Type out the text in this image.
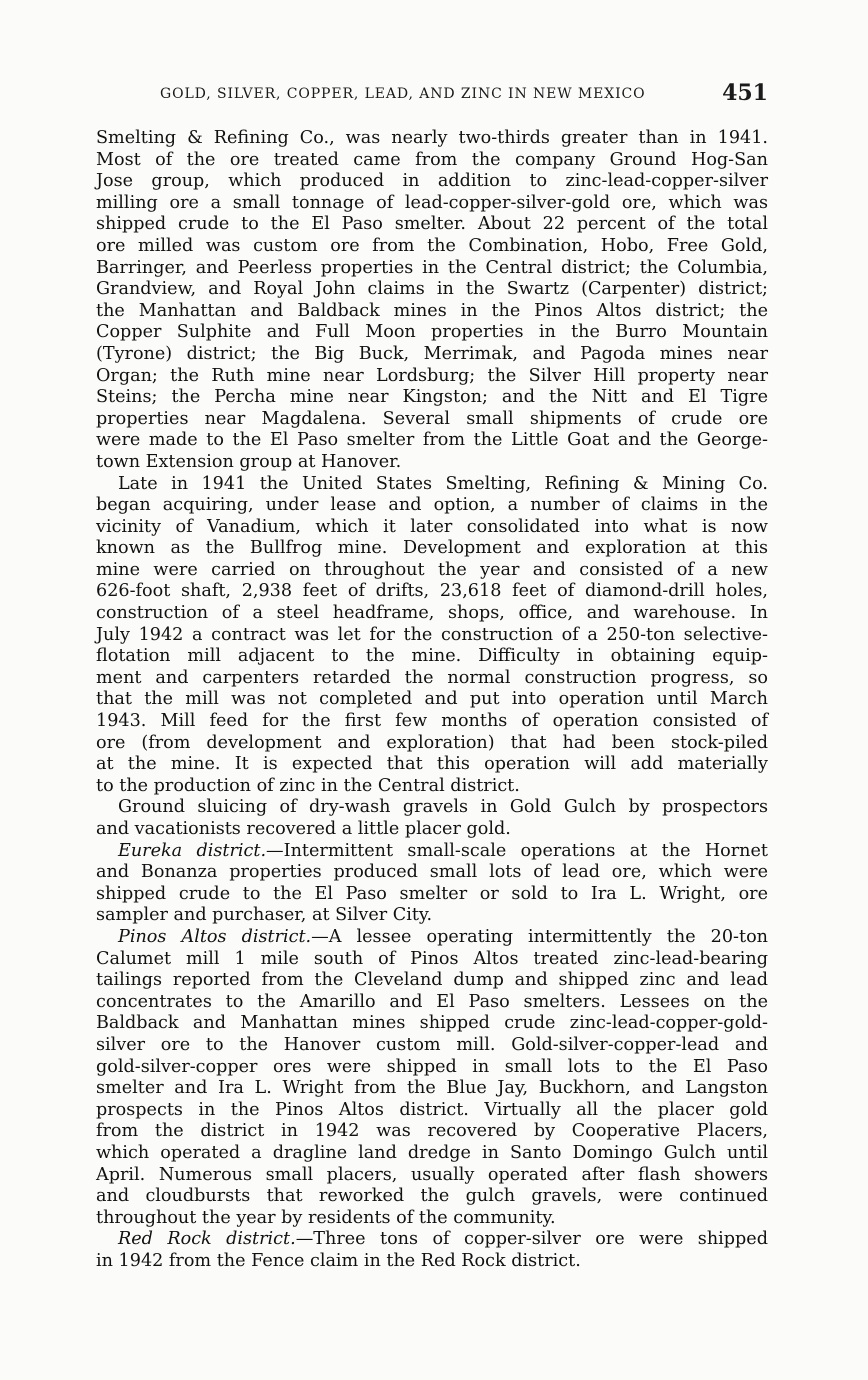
GOLD, SILVER, COPPER, LEAD, AND ZINC IN NEW MEXICO	451
Smelting & Refining Co., was nearly two-thirds greater than in 1941.
Most of the ore treated came from the company Ground Hog-San
Jose group, which produced in addition to zinc-lead-copper-silver
milling ore a small tonnage of lead-copper-silver-gold ore, which was
shipped crude to the El Paso smelter. About 22 percent of the total
ore milled was custom ore from the Combination, Hobo, Free Gold,
Barringer, and Peerless properties in the Central district; the Columbia,
Grandview, and Royal John claims in the Swartz (Carpenter) district;
the Manhattan and Baldback mines in the Pinos Altos district; the
Copper Sulphite and Full Moon properties in the Burro Mountain
(Tyrone) district; the Big Buck, Merrimak, and Pagoda mines near
Organ; the Ruth mine near Lordsburg; the Silver Hill property near
Steins; the Percha mine near Kingston; and the Nitt and El Tigre
properties near Magdalena. Several small shipments of crude ore
were made to the El Paso smelter from the Little Goat and the George-
town Extension group at Hanover.
Late in 1941 the United States Smelting, Refining & Mining Co.
began acquiring, under lease and option, a number of claims in the
vicinity of Vanadium, which it later consolidated into what is now
known as the Bullfrog mine. Development and exploration at this
mine were carried on throughout the year and consisted of a new
626-foot shaft, 2,938 feet of drifts, 23,618 feet of diamond-drill holes,
construction of a steel headframe, shops, office, and warehouse. In
July 1942 a contract was let for the construction of a 250-ton selective-
flotation mill adjacent to the mine. Difficulty in obtaining equip-
ment and carpenters retarded the normal construction progress, so
that the mill was not completed and put into operation until March
1943. Mill feed for the first few months of operation consisted of
ore (from development and exploration) that had been stock-piled
at the mine. It is expected that this operation will add materially
to the production of zinc in the Central district.
Ground sluicing of dry-wash gravels in Gold Gulch by prospectors
and vacationists recovered a little placer gold.
Eureka district.—Intermittent small-scale operations at the Hornet
and Bonanza properties produced small lots of lead ore, which were
shipped crude to the El Paso smelter or sold to Ira L. Wright, ore
sampler and purchaser, at Silver City.
Pinos Altos district.—A lessee operating intermittently the 20-ton
Calumet mill 1 mile south of Pinos Altos treated zinc-lead-bearing
tailings reported from the Cleveland dump and shipped zinc and lead
concentrates to the Amarillo and El Paso smelters. Lessees on the
Baldback and Manhattan mines shipped crude zinc-lead-copper-gold-
silver ore to the Hanover custom mill. Gold-silver-copper-lead and
gold-silver-copper ores were shipped in small lots to the El Paso
smelter and Ira L. Wright from the Blue Jay, Buckhorn, and Langston
prospects in the Pinos Altos district. Virtually all the placer gold
from the district in 1942 was recovered by Cooperative Placers,
which operated a dragline land dredge in Santo Domingo Gulch until
April. Numerous small placers, usually operated after flash showers
and cloudbursts that reworked the gulch gravels, were continued
throughout the year by residents of the community.
Red Rock district.—Three tons of copper-silver ore were shipped
in 1942 from the Fence claim in the Red Rock district.
